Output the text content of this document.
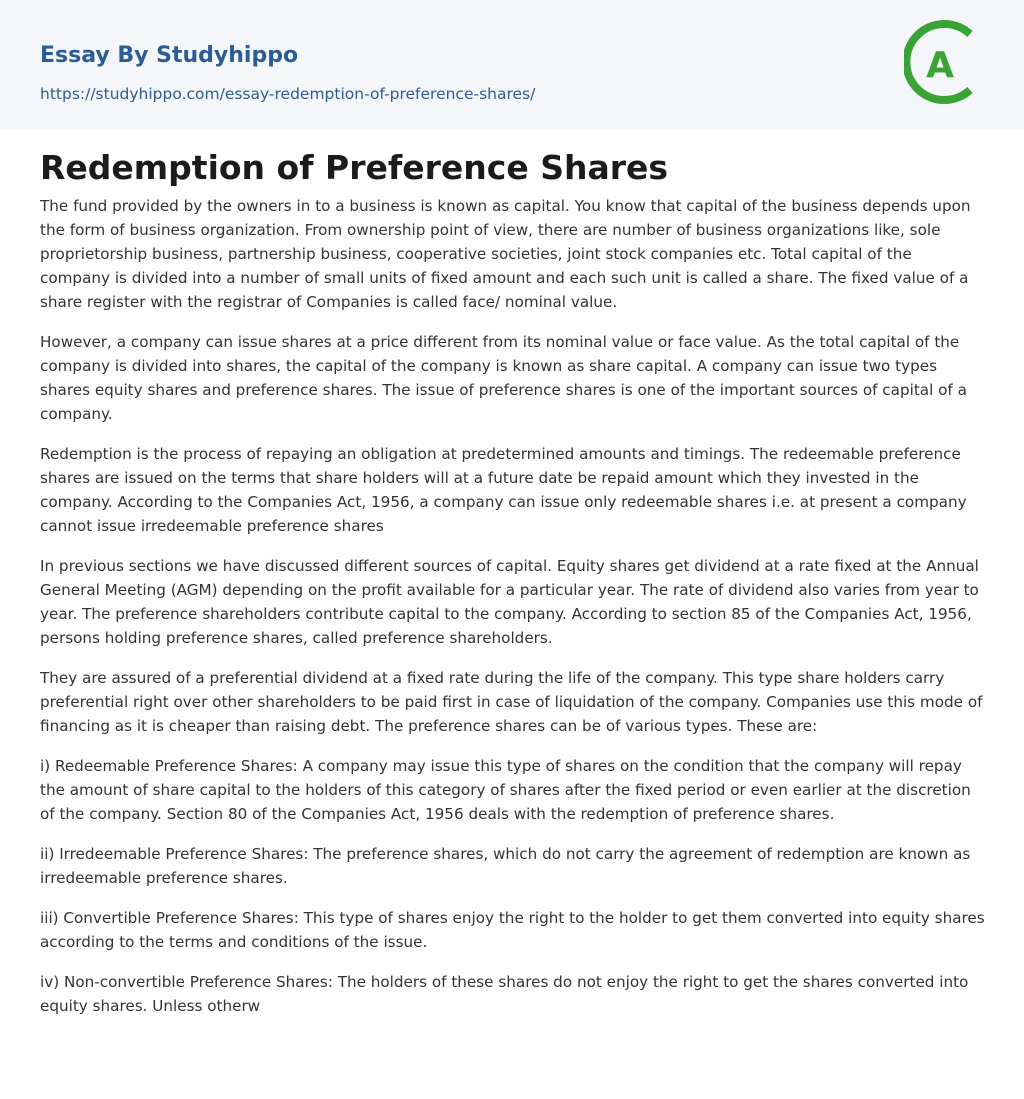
Essay By Studyhippo
https://studyhippo.com/essay-redemption-of-preference-shares/
A
Redemption of Preference Shares

The fund provided by the owners in to a business is known as capital. You know that capital of the business depends upon the form of business organization. From ownership point of view, there are number of business organizations like, sole proprietorship business, partnership business, cooperative societies, joint stock companies etc. Total capital of the company is divided into a number of small units of fixed amount and each such unit is called a share. The fixed value of a share register with the registrar of Companies is called face/ nominal value.

However, a company can issue shares at a price different from its nominal value or face value. As the total capital of the company is divided into shares, the capital of the company is known as share capital. A company can issue two types shares equity shares and preference shares. The issue of preference shares is one of the important sources of capital of a company.

Redemption is the process of repaying an obligation at predetermined amounts and timings. The redeemable preference shares are issued on the terms that share holders will at a future date be repaid amount which they invested in the company. According to the Companies Act, 1956, a company can issue only redeemable shares i.e. at present a company cannot issue irredeemable preference shares

In previous sections we have discussed different sources of capital. Equity shares get dividend at a rate fixed at the Annual General Meeting (AGM) depending on the profit available for a particular year. The rate of dividend also varies from year to year. The preference shareholders contribute capital to the company. According to section 85 of the Companies Act, 1956, persons holding preference shares, called preference shareholders.

They are assured of a preferential dividend at a fixed rate during the life of the company. This type share holders carry preferential right over other shareholders to be paid first in case of liquidation of the company. Companies use this mode of financing as it is cheaper than raising debt. The preference shares can be of various types. These are:

i) Redeemable Preference Shares: A company may issue this type of shares on the condition that the company will repay the amount of share capital to the holders of this category of shares after the fixed period or even earlier at the discretion of the company. Section 80 of the Companies Act, 1956 deals with the redemption of preference shares.

ii) Irredeemable Preference Shares: The preference shares, which do not carry the agreement of redemption are known as irredeemable preference shares.

iii) Convertible Preference Shares: This type of shares enjoy the right to the holder to get them converted into equity shares according to the terms and conditions of the issue.

iv) Non-convertible Preference Shares: The holders of these shares do not enjoy the right to get the shares converted into equity shares. Unless otherw
